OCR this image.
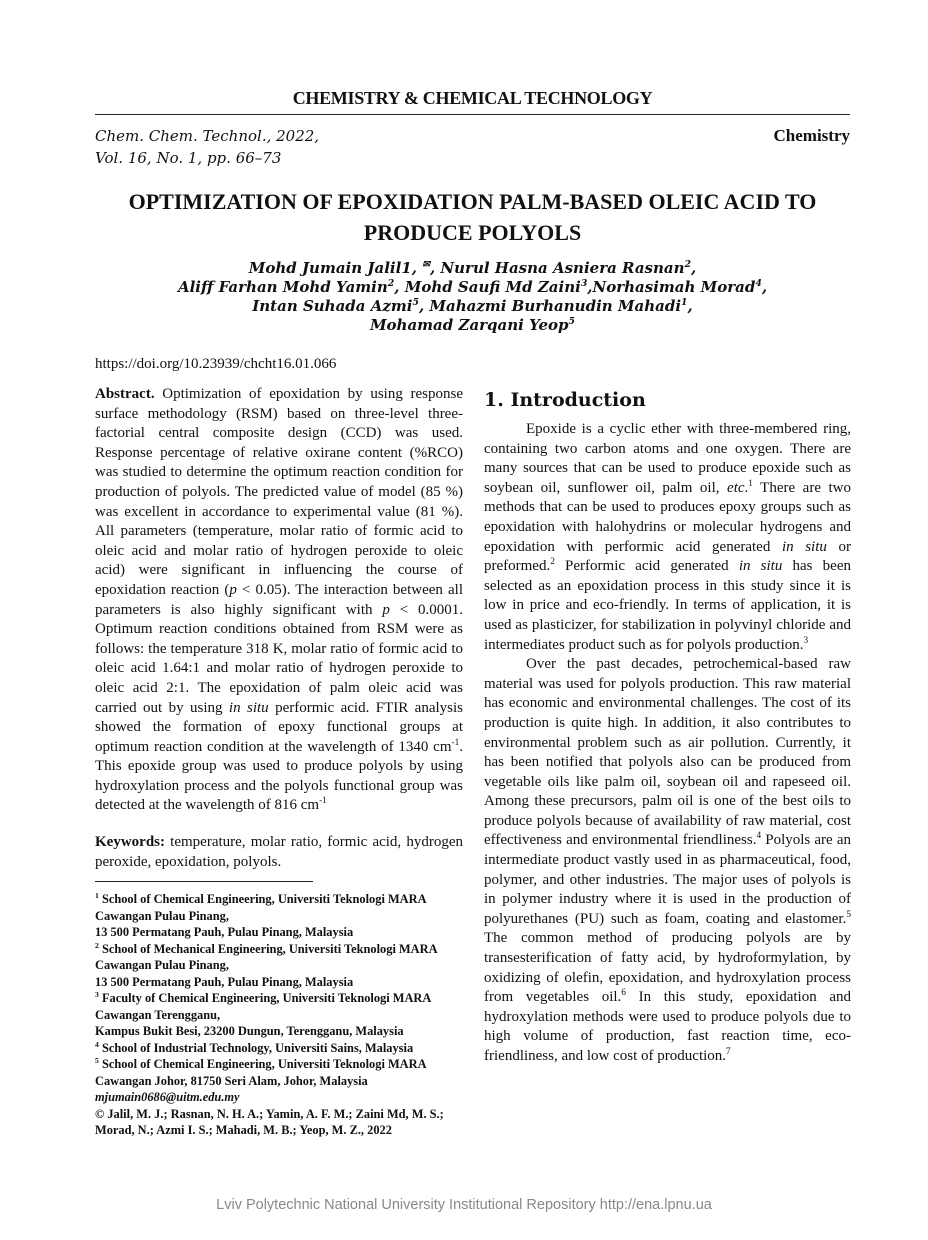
CHEMISTRY & CHEMICAL TECHNOLOGY
Chem. Chem. Technol., 2022,
Vol. 16, No. 1, pp. 66–73
Chemistry
OPTIMIZATION OF EPOXIDATION PALM-BASED OLEIC ACID TO
PRODUCE POLYOLS
Mohd Jumain Jalil1, ✉, Nurul Hasna Asniera Rasnan$^2$,
Aliff Farhan Mohd Yamin$^2$, Mohd Saufi Md Zaini$^3$,Norhasimah Morad$^4$,
Intan Suhada Azmi$^5$, Mahazmi Burhanudin Mahadi$^1$,
Mohamad Zarqani Yeop$^5$
https://doi.org/10.23939/chcht16.01.066
Abstract. Optimization of epoxidation by using response surface methodology (RSM) based on three-level three-factorial central composite design (CCD) was used. Response percentage of relative oxirane content (%RCO) was studied to determine the optimum reaction condition for production of polyols. The predicted value of model (85 %) was excellent in accordance to experimental value (81 %). All parameters (temperature, molar ratio of formic acid to oleic acid and molar ratio of hydrogen peroxide to oleic acid) were significant in influencing the course of epoxidation reaction (p < 0.05). The interaction between all parameters is also highly significant with p < 0.0001. Optimum reaction conditions obtained from RSM were as follows: the temperature 318 K, molar ratio of formic acid to oleic acid 1.64:1 and molar ratio of hydrogen peroxide to oleic acid 2:1. The epoxidation of palm oleic acid was carried out by using in situ performic acid. FTIR analysis showed the formation of epoxy functional groups at optimum reaction condition at the wavelength of 1340 $cm^{-1}$. This epoxide group was used to produce polyols by using hydroxylation process and the polyols functional group was detected at the wavelength of 816 $cm^{-1}$
Keywords: temperature, molar ratio, formic acid, hydrogen peroxide, epoxidation, polyols.
$^1$ School of Chemical Engineering, Universiti Teknologi MARA
Cawangan Pulau Pinang,
13 500 Permatang Pauh, Pulau Pinang, Malaysia
$^2$ School of Mechanical Engineering, Universiti Teknologi MARA
Cawangan Pulau Pinang,
13 500 Permatang Pauh, Pulau Pinang, Malaysia
$^3$ Faculty of Chemical Engineering, Universiti Teknologi MARA
Cawangan Terengganu,
Kampus Bukit Besi, 23200 Dungun, Terengganu, Malaysia
$^4$ School of Industrial Technology, Universiti Sains, Malaysia
$^5$ School of Chemical Engineering, Universiti Teknologi MARA
Cawangan Johor, 81750 Seri Alam, Johor, Malaysia
mjumain0686@uitm.edu.my
© Jalil, M. J.; Rasnan, N. H. A.; Yamin, A. F. M.; Zaini Md, M. S.;
Morad, N.; Azmi I. S.; Mahadi, M. B.; Yeop, M. Z., 2022
1. Introduction

Epoxide is a cyclic ether with three-membered ring, containing two carbon atoms and one oxygen. There are many sources that can be used to produce epoxide such as soybean oil, sunflower oil, palm oil, etc.$^1$ There are two methods that can be used to produces epoxy groups such as epoxidation with halohydrins or molecular hydrogens and epoxidation with performic acid generated in situ or preformed.$^2$ Performic acid generated in situ has been selected as an epoxidation process in this study since it is low in price and eco-friendly. In terms of application, it is used as plasticizer, for stabilization in polyvinyl chloride and intermediates product such as for polyols production.$^3$

Over the past decades, petrochemical-based raw material was used for polyols production. This raw material has economic and environmental challenges. The cost of its production is quite high. In addition, it also contributes to environmental problem such as air pollution. Currently, it has been notified that polyols also can be produced from vegetable oils like palm oil, soybean oil and rapeseed oil. Among these precursors, palm oil is one of the best oils to produce polyols because of availability of raw material, cost effectiveness and environmental friendliness.$^4$ Polyols are an intermediate product vastly used in as pharmaceutical, food, polymer, and other industries. The major uses of polyols is in polymer industry where it is used in the production of polyurethanes (PU) such as foam, coating and elastomer.$^5$ The common method of producing polyols are by transesterification of fatty acid, by hydroformylation, by oxidizing of olefin, epoxidation, and hydroxylation process from vegetables oil.$^6$ In this study, epoxidation and hydroxylation methods were used to produce polyols due to high volume of production, fast reaction time, eco-friendliness, and low cost of production.$^7$

Lviv Polytechnic National University Institutional Repository http://ena.lpnu.ua
